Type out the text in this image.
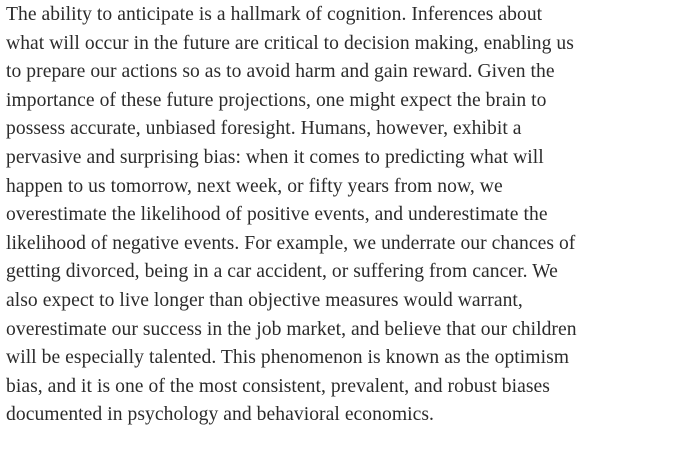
The ability to anticipate is a hallmark of cognition. Inferences about
what will occur in the future are critical to decision making, enabling us
to prepare our actions so as to avoid harm and gain reward. Given the
importance of these future projections, one might expect the brain to
possess accurate, unbiased foresight. Humans, however, exhibit a
pervasive and surprising bias: when it comes to predicting what will
happen to us tomorrow, next week, or fifty years from now, we
overestimate the likelihood of positive events, and underestimate the
likelihood of negative events. For example, we underrate our chances of
getting divorced, being in a car accident, or suffering from cancer. We
also expect to live longer than objective measures would warrant,
overestimate our success in the job market, and believe that our children
will be especially talented. This phenomenon is known as the optimism
bias, and it is one of the most consistent, prevalent, and robust biases
documented in psychology and behavioral economics.
